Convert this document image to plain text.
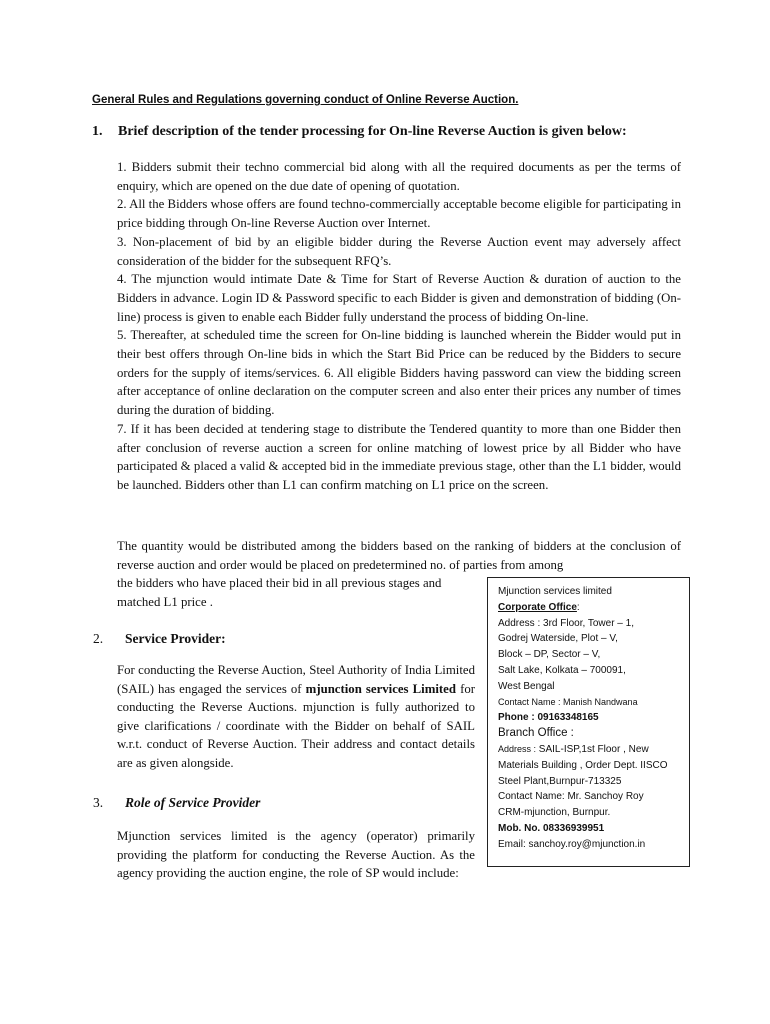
General Rules and Regulations governing conduct of Online Reverse Auction.
1. Brief description of the tender processing for On-line Reverse Auction is given below:

1. Bidders submit their techno commercial bid along with all the required documents as per the terms of enquiry, which are opened on the due date of opening of quotation.

2. All the Bidders whose offers are found techno-commercially acceptable become eligible for participating in price bidding through On-line Reverse Auction over Internet.

3. Non-placement of bid by an eligible bidder during the Reverse Auction event may adversely affect consideration of the bidder for the subsequent RFQ’s.

4. The mjunction would intimate Date & Time for Start of Reverse Auction & duration of auction to the Bidders in advance. Login ID & Password specific to each Bidder is given and demonstration of bidding (On-line) process is given to enable each Bidder fully understand the process of bidding On-line.

5. Thereafter, at scheduled time the screen for On-line bidding is launched wherein the Bidder would put in their best offers through On-line bids in which the Start Bid Price can be reduced by the Bidders to secure orders for the supply of items/services. 6. All eligible Bidders having password can view the bidding screen after acceptance of online declaration on the computer screen and also enter their prices any number of times during the duration of bidding.

7. If it has been decided at tendering stage to distribute the Tendered quantity to more than one Bidder then after conclusion of reverse auction a screen for online matching of lowest price by all Bidder who have participated & placed a valid & accepted bid in the immediate previous stage, other than the L1 bidder, would be launched. Bidders other than L1 can confirm matching on L1 price on the screen.

The quantity would be distributed among the bidders based on the ranking of bidders at the conclusion of reverse auction and order would be placed on predetermined no. of parties from among
the bidders who have placed their bid in all previous stages and
matched L1 price .
2. Service Provider:
For conducting the Reverse Auction, Steel Authority of India Limited (SAIL) has engaged the services of mjunction services Limited for conducting the Reverse Auctions. mjunction is fully authorized to give clarifications / coordinate with the Bidder on behalf of SAIL w.r.t. conduct of Reverse Auction. Their address and contact details are as given alongside.
3. Role of Service Provider
Mjunction services limited is the agency (operator) primarily providing the platform for conducting the Reverse Auction. As the agency providing the auction engine, the role of SP would include:
Mjunction services limited
Corporate Office:
Address : 3rd Floor, Tower – 1,
Godrej Waterside, Plot – V,
Block – DP, Sector – V,
Salt Lake, Kolkata – 700091,
West Bengal
Contact Name : Manish Nandwana
Phone : 09163348165
Branch Office :
Address : SAIL-ISP,1st Floor , New
Materials Building , Order Dept. IISCO
Steel Plant,Burnpur-713325
Contact Name: Mr. Sanchoy Roy
CRM-mjunction, Burnpur.
Mob. No. 08336939951
Email: sanchoy.roy@mjunction.in
